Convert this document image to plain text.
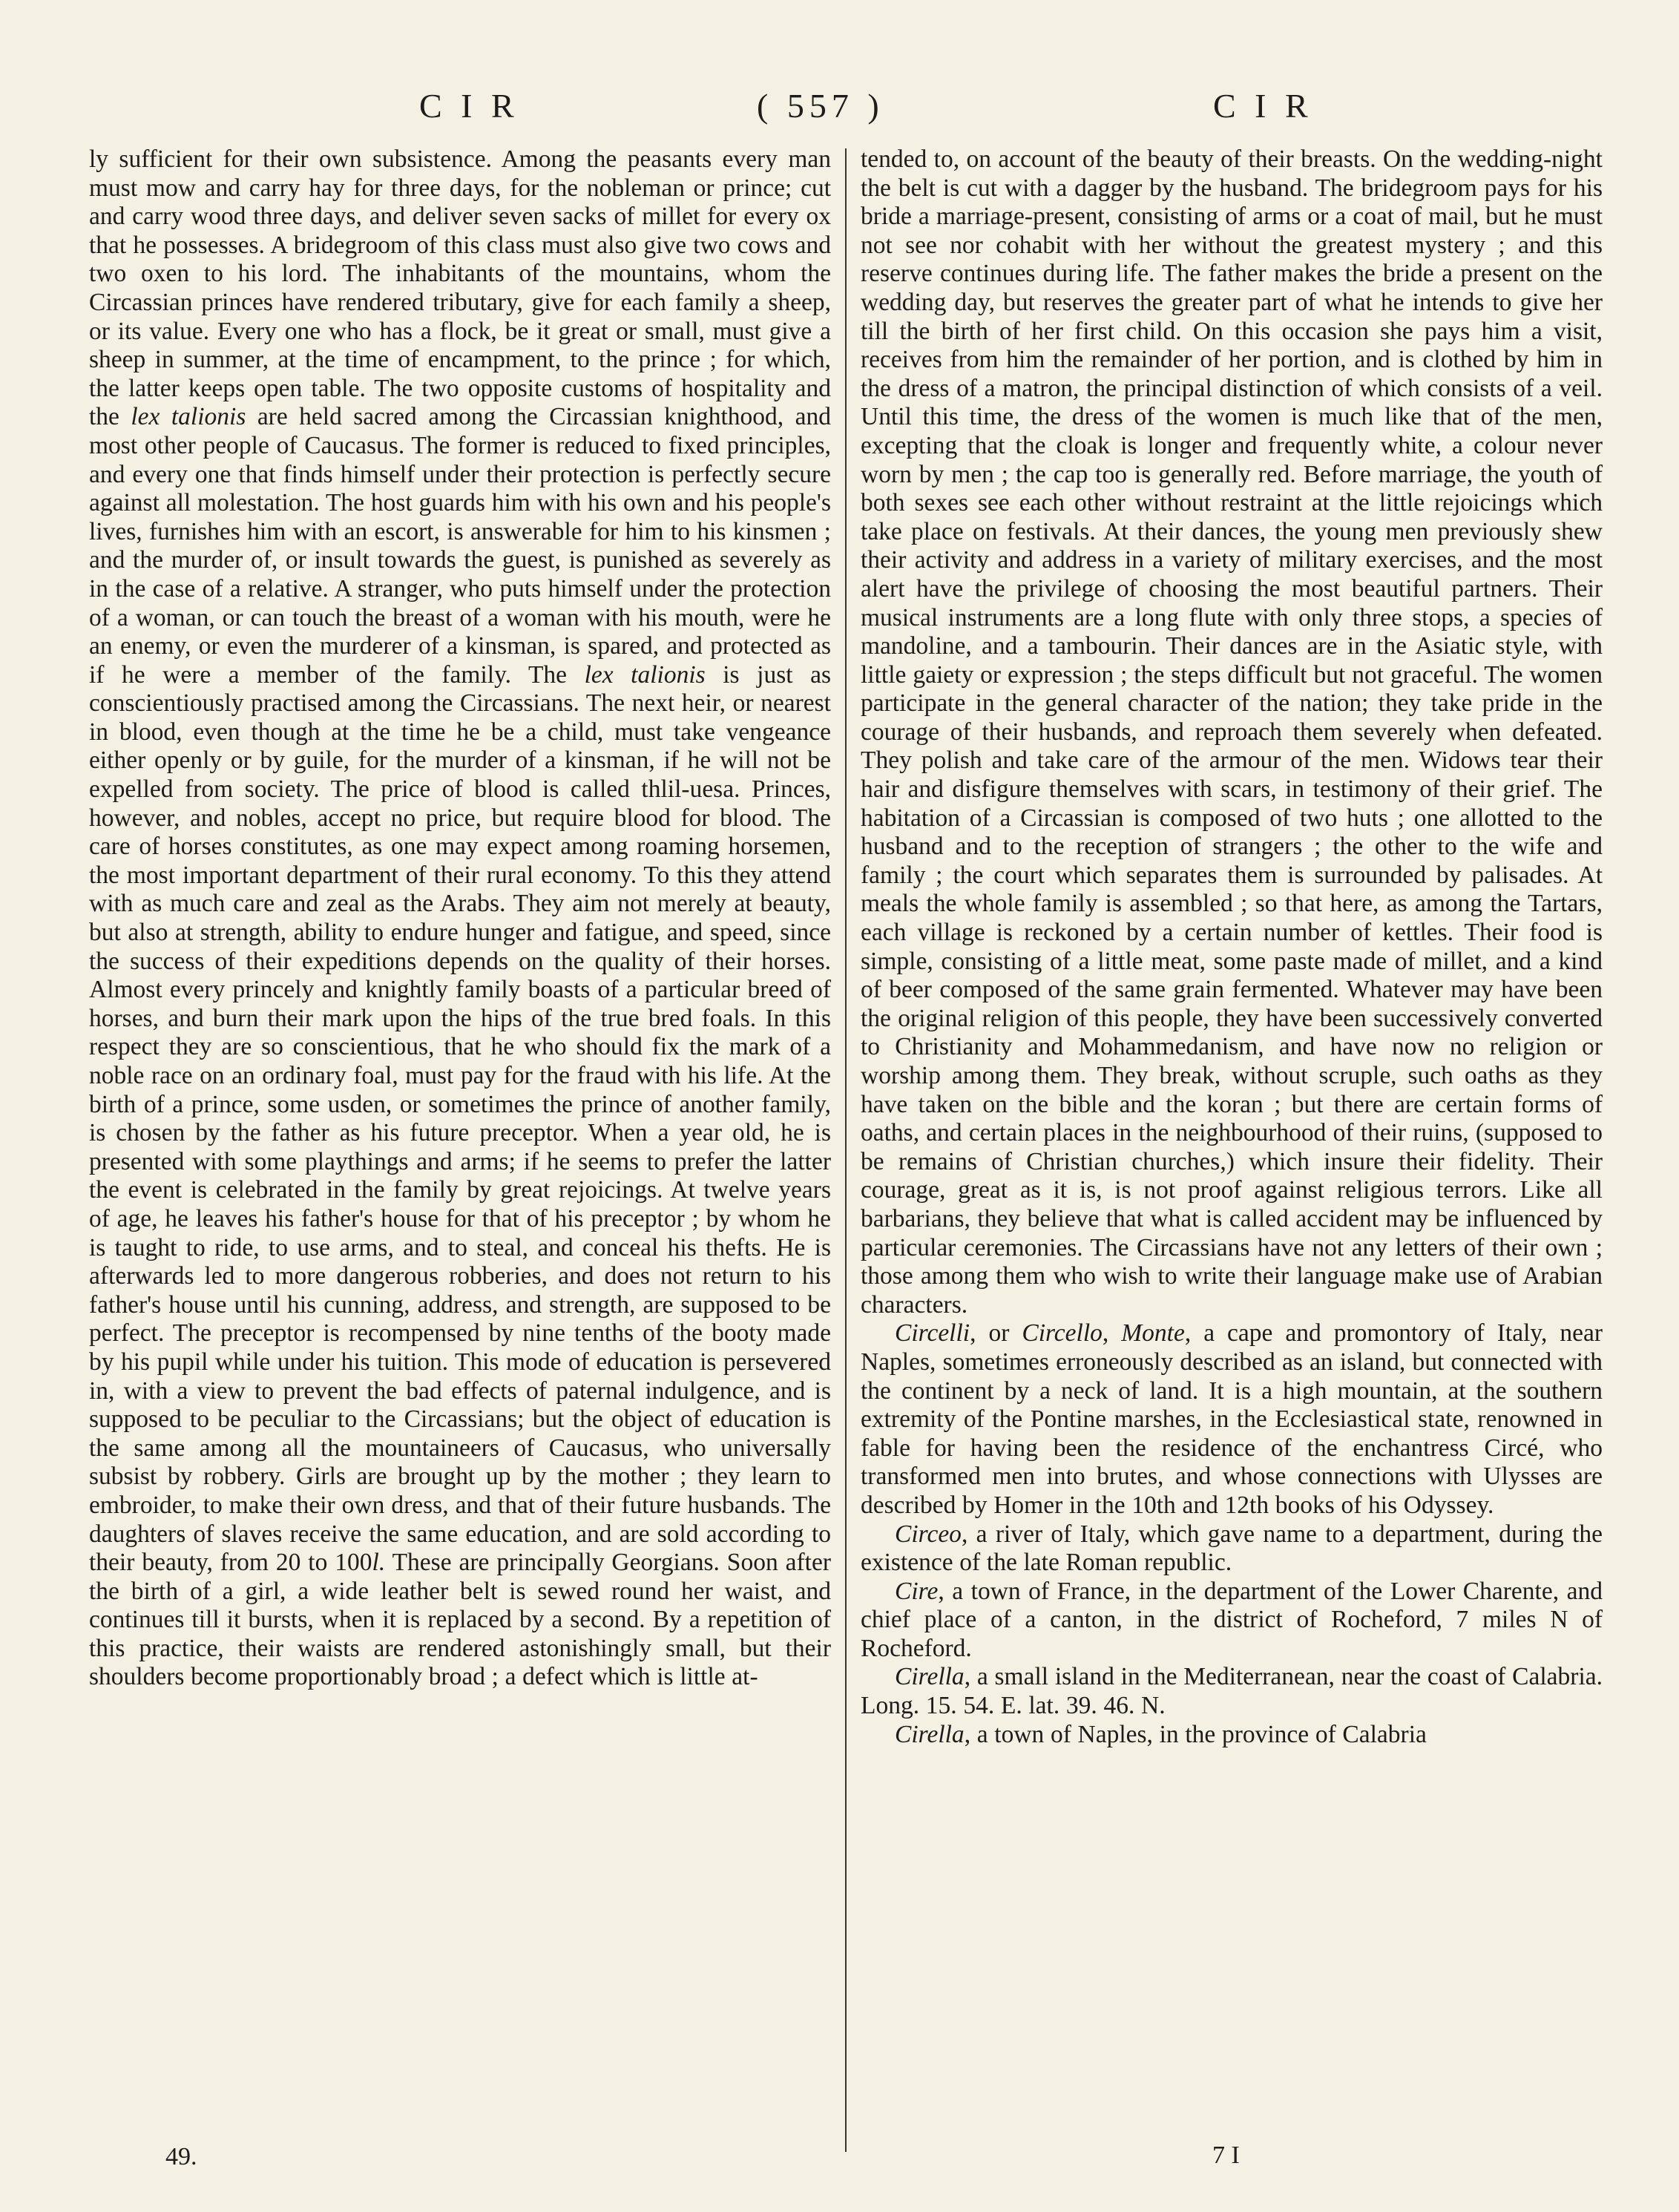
C I R	( 557 )	C I R

ly sufficient for their own subsistence. Among the peasants every man must mow and carry hay for three days, for the nobleman or prince; cut and carry wood three days, and deliver seven sacks of millet for every ox that he possesses. A bridegroom of this class must also give two cows and two oxen to his lord. The inhabitants of the mountains, whom the Circassian princes have rendered tributary, give for each family a sheep, or its value. Every one who has a flock, be it great or small, must give a sheep in summer, at the time of encampment, to the prince ; for which, the latter keeps open table. The two opposite customs of hospitality and the lex talionis are held sacred among the Circassian knighthood, and most other people of Caucasus. The former is reduced to fixed principles, and every one that finds himself under their protection is perfectly secure against all molestation. The host guards him with his own and his people's lives, furnishes him with an escort, is answerable for him to his kinsmen ; and the murder of, or insult towards the guest, is punished as severely as in the case of a relative. A stranger, who puts himself under the protection of a woman, or can touch the breast of a woman with his mouth, were he an enemy, or even the murderer of a kinsman, is spared, and protected as if he were a member of the family. The lex talionis is just as conscientiously practised among the Circassians. The next heir, or nearest in blood, even though at the time he be a child, must take vengeance either openly or by guile, for the murder of a kinsman, if he will not be expelled from society. The price of blood is called thlil-uesa. Princes, however, and nobles, accept no price, but require blood for blood. The care of horses constitutes, as one may expect among roaming horsemen, the most important department of their rural economy. To this they attend with as much care and zeal as the Arabs. They aim not merely at beauty, but also at strength, ability to endure hunger and fatigue, and speed, since the success of their expeditions depends on the quality of their horses. Almost every princely and knightly family boasts of a particular breed of horses, and burn their mark upon the hips of the true bred foals. In this respect they are so conscientious, that he who should fix the mark of a noble race on an ordinary foal, must pay for the fraud with his life. At the birth of a prince, some usden, or sometimes the prince of another family, is chosen by the father as his future preceptor. When a year old, he is presented with some playthings and arms; if he seems to prefer the latter the event is celebrated in the family by great rejoicings. At twelve years of age, he leaves his father's house for that of his preceptor ; by whom he is taught to ride, to use arms, and to steal, and conceal his thefts. He is afterwards led to more dangerous robberies, and does not return to his father's house until his cunning, address, and strength, are supposed to be perfect. The preceptor is recompensed by nine tenths of the booty made by his pupil while under his tuition. This mode of education is persevered in, with a view to prevent the bad effects of paternal indulgence, and is supposed to be peculiar to the Circassians; but the object of education is the same among all the mountaineers of Caucasus, who universally subsist by robbery. Girls are brought up by the mother ; they learn to embroider, to make their own dress, and that of their future husbands. The daughters of slaves receive the same education, and are sold according to their beauty, from 20 to 100l. These are principally Georgians. Soon after the birth of a girl, a wide leather belt is sewed round her waist, and continues till it bursts, when it is replaced by a second. By a repetition of this practice, their waists are rendered astonishingly small, but their shoulders become proportionably broad ; a defect which is little at-

tended to, on account of the beauty of their breasts. On the wedding-night the belt is cut with a dagger by the husband. The bridegroom pays for his bride a marriage-present, consisting of arms or a coat of mail, but he must not see nor cohabit with her without the greatest mystery ; and this reserve continues during life. The father makes the bride a present on the wedding day, but reserves the greater part of what he intends to give her till the birth of her first child. On this occasion she pays him a visit, receives from him the remainder of her portion, and is clothed by him in the dress of a matron, the principal distinction of which consists of a veil. Until this time, the dress of the women is much like that of the men, excepting that the cloak is longer and frequently white, a colour never worn by men ; the cap too is generally red. Before marriage, the youth of both sexes see each other without restraint at the little rejoicings which take place on festivals. At their dances, the young men previously shew their activity and address in a variety of military exercises, and the most alert have the privilege of choosing the most beautiful partners. Their musical instruments are a long flute with only three stops, a species of mandoline, and a tambourin. Their dances are in the Asiatic style, with little gaiety or expression ; the steps difficult but not graceful. The women participate in the general character of the nation; they take pride in the courage of their husbands, and reproach them severely when defeated. They polish and take care of the armour of the men. Widows tear their hair and disfigure themselves with scars, in testimony of their grief. The habitation of a Circassian is composed of two huts ; one allotted to the husband and to the reception of strangers ; the other to the wife and family ; the court which separates them is surrounded by palisades. At meals the whole family is assembled ; so that here, as among the Tartars, each village is reckoned by a certain number of kettles. Their food is simple, consisting of a little meat, some paste made of millet, and a kind of beer composed of the same grain fermented. Whatever may have been the original religion of this people, they have been successively converted to Christianity and Mohammedanism, and have now no religion or worship among them. They break, without scruple, such oaths as they have taken on the bible and the koran ; but there are certain forms of oaths, and certain places in the neighbourhood of their ruins, (supposed to be remains of Christian churches,) which insure their fidelity. Their courage, great as it is, is not proof against religious terrors. Like all barbarians, they believe that what is called accident may be influenced by particular ceremonies. The Circassians have not any letters of their own ; those among them who wish to write their language make use of Arabian characters.

Circelli, or Circello, Monte, a cape and promontory of Italy, near Naples, sometimes erroneously described as an island, but connected with the continent by a neck of land. It is a high mountain, at the southern extremity of the Pontine marshes, in the Ecclesiastical state, renowned in fable for having been the residence of the enchantress Circé, who transformed men into brutes, and whose connections with Ulysses are described by Homer in the 10th and 12th books of his Odyssey.

Circeo, a river of Italy, which gave name to a department, during the existence of the late Roman republic.

Cire, a town of France, in the department of the Lower Charente, and chief place of a canton, in the district of Rocheford, 7 miles N of Rocheford.

Cirella, a small island in the Mediterranean, near the coast of Calabria. Long. 15. 54. E. lat. 39. 46. N.

Cirella, a town of Naples, in the province of Calabria

49.	7 I
